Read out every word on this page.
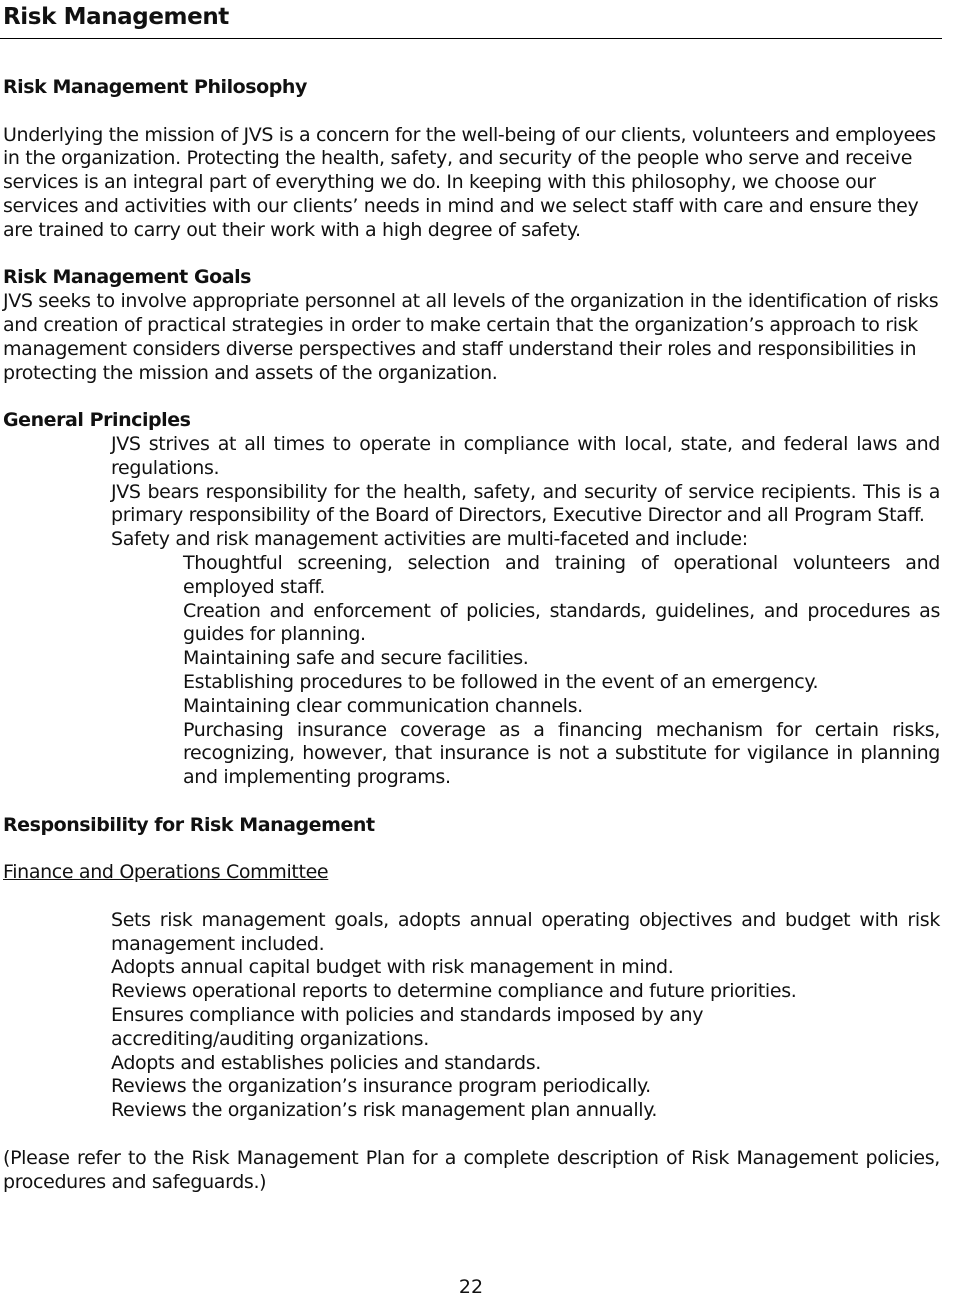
Risk Management

Risk Management Philosophy

Underlying the mission of JVS is a concern for the well-being of our clients, volunteers and employees in the organization. Protecting the health, safety, and security of the people who serve and receive services is an integral part of everything we do. In keeping with this philosophy, we choose our services and activities with our clients’ needs in mind and we select staff with care and ensure they are trained to carry out their work with a high degree of safety.

Risk Management Goals

JVS seeks to involve appropriate personnel at all levels of the organization in the identification of risks and creation of practical strategies in order to make certain that the organization’s approach to risk management considers diverse perspectives and staff understand their roles and responsibilities in protecting the mission and assets of the organization.

General Principles

JVS strives at all times to operate in compliance with local, state, and federal laws and regulations.

JVS bears responsibility for the health, safety, and security of service recipients. This is a primary responsibility of the Board of Directors, Executive Director and all Program Staff.

Safety and risk management activities are multi-faceted and include:

Thoughtful screening, selection and training of operational volunteers and employed staff.

Creation and enforcement of policies, standards, guidelines, and procedures as guides for planning.

Maintaining safe and secure facilities.

Establishing procedures to be followed in the event of an emergency.

Maintaining clear communication channels.

Purchasing insurance coverage as a financing mechanism for certain risks, recognizing, however, that insurance is not a substitute for vigilance in planning and implementing programs.

Responsibility for Risk Management

Finance and Operations Committee

Sets risk management goals, adopts annual operating objectives and budget with risk management included.

Adopts annual capital budget with risk management in mind.

Reviews operational reports to determine compliance and future priorities.

Ensures compliance with policies and standards imposed by any

accrediting/auditing organizations.

Adopts and establishes policies and standards.

Reviews the organization’s insurance program periodically.

Reviews the organization’s risk management plan annually.

(Please refer to the Risk Management Plan for a complete description of Risk Management policies, procedures and safeguards.)

22
